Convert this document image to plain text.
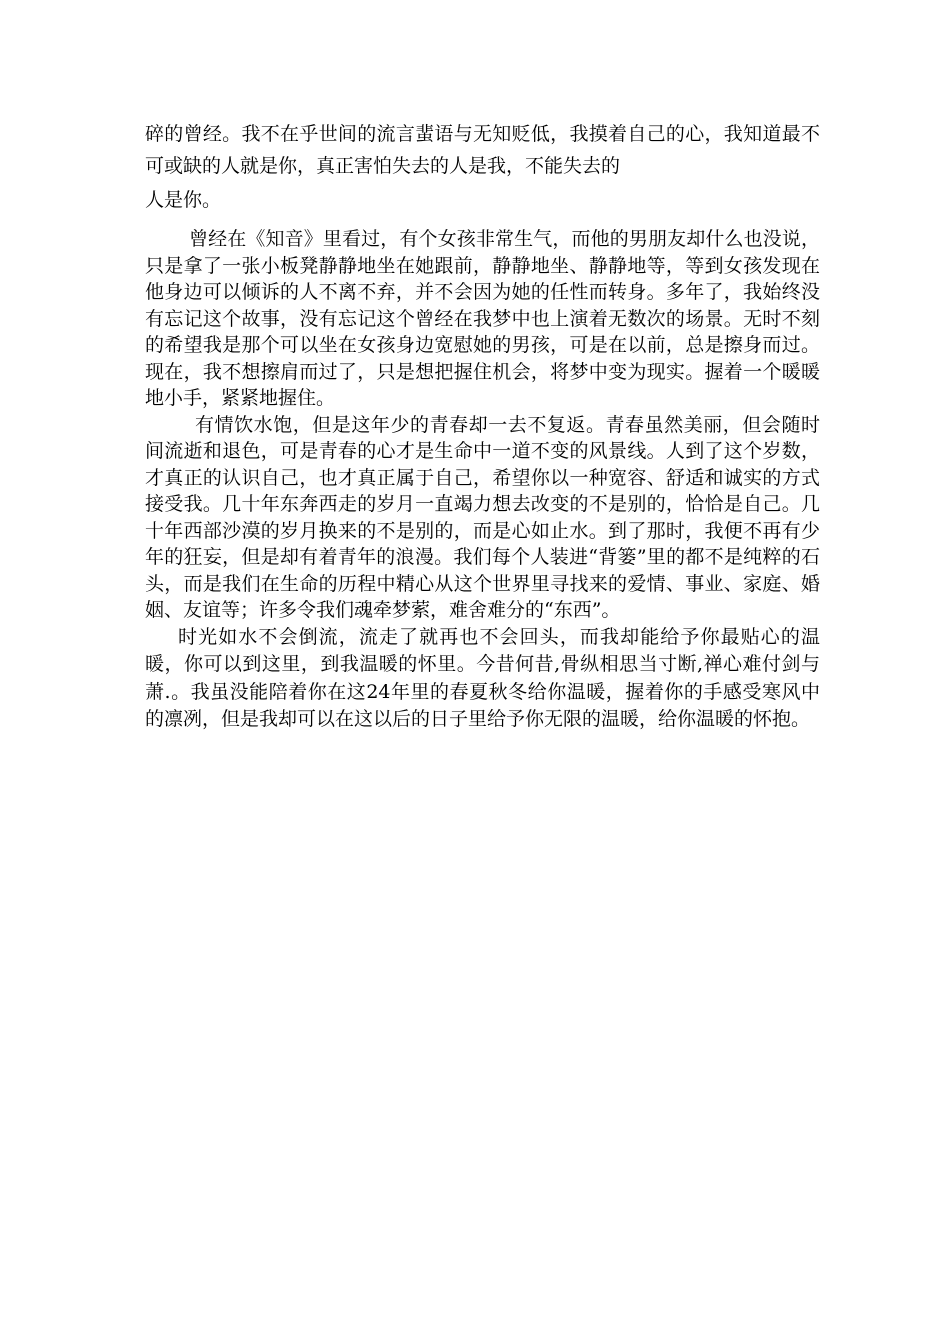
碎的曾经。我不在乎世间的流言蜚语与无知贬低，我摸着自己的心，我知道最不可或缺的人就是你，真正害怕失去的人是我，不能失去的

人是你。

曾经在《知音》里看过，有个女孩非常生气，而他的男朋友却什么也没说，只是拿了一张小板凳静静地坐在她跟前，静静地坐、静静地等，等到女孩发现在他身边可以倾诉的人不离不弃，并不会因为她的任性而转身。多年了，我始终没有忘记这个故事，没有忘记这个曾经在我梦中也上演着无数次的场景。无时不刻的希望我是那个可以坐在女孩身边宽慰她的男孩，可是在以前，总是擦身而过。现在，我不想擦肩而过了，只是想把握住机会，将梦中变为现实。握着一个暖暖地小手，紧紧地握住。

有情饮水饱，但是这年少的青春却一去不复返。青春虽然美丽，但会随时间流逝和退色，可是青春的心才是生命中一道不变的风景线。人到了这个岁数，才真正的认识自己，也才真正属于自己，希望你以一种宽容、舒适和诚实的方式接受我。几十年东奔西走的岁月一直竭力想去改变的不是别的，恰恰是自己。几十年西部沙漠的岁月换来的不是别的，而是心如止水。到了那时，我便不再有少年的狂妄，但是却有着青年的浪漫。我们每个人装进“背篓”里的都不是纯粹的石头，而是我们在生命的历程中精心从这个世界里寻找来的爱情、事业、家庭、婚姻、友谊等；许多令我们魂牵梦萦，难舍难分的“东西”。

时光如水不会倒流，流走了就再也不会回头，而我却能给予你最贴心的温暖，你可以到这里，到我温暖的怀里。今昔何昔,骨纵相思当寸断,禅心难付剑与萧.。我虽没能陪着你在这24年里的春夏秋冬给你温暖，握着你的手感受寒风中的凛冽，但是我却可以在这以后的日子里给予你无限的温暖，给你温暖的怀抱。
